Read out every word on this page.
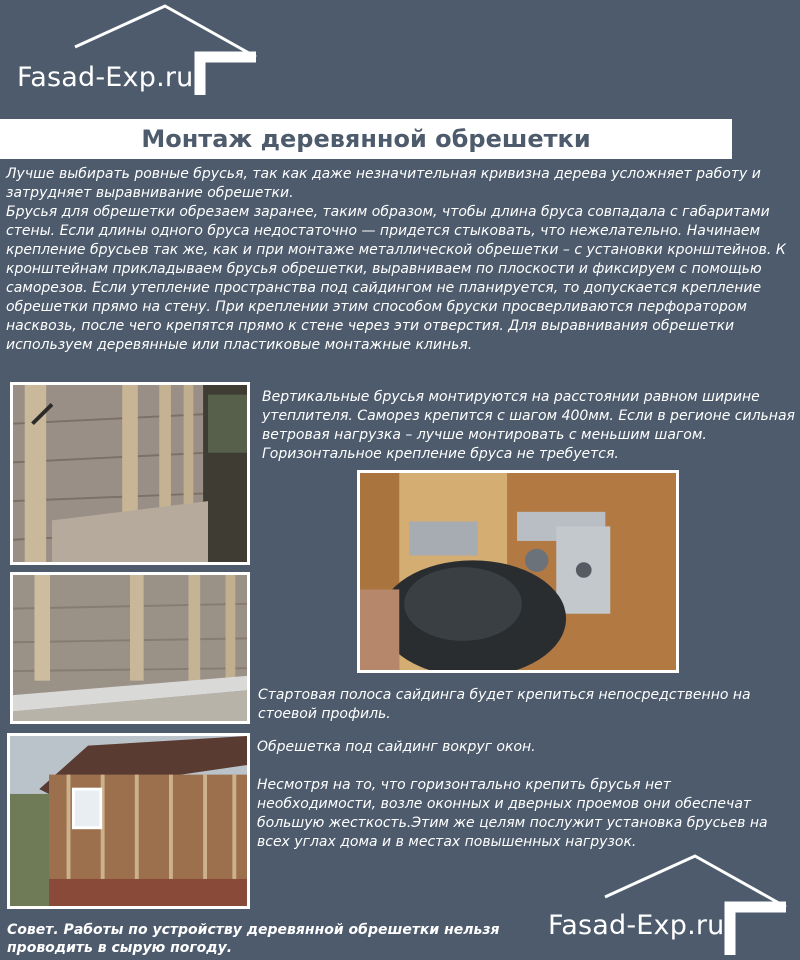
Fasad-Exp.ru
Монтаж деревянной обрешетки

Лучше выбирать ровные брусья, так как даже незначительная кривизна дерева усложняет работу и затрудняет выравнивание обрешетки.

Брусья для обрешетки обрезаем заранее, таким образом, чтобы длина бруса совпадала с габаритами стены. Если длины одного бруса недостаточно — придется стыковать, что нежелательно. Начинаем крепление брусьев так же, как и при монтаже металлической обрешетки – с установки кронштейнов. К кронштейнам прикладываем брусья обрешетки, выравниваем по плоскости и фиксируем с помощью саморезов. Если утепление пространства под сайдингом не планируется, то допускается крепление обрешетки прямо на стену. При креплении этим способом бруски просверливаются перфоратором насквозь, после чего крепятся прямо к стене через эти отверстия. Для выравнивания обрешетки используем деревянные или пластиковые монтажные клинья.

Вертикальные брусья монтируются на расстоянии равном ширине утеплителя. Саморез крепится с шагом 400мм. Если в регионе сильная ветровая нагрузка – лучше монтировать с меньшим шагом. Горизонтальное крепление бруса не требуется.
Стартовая полоса сайдинга будет крепиться непосредственно на стоевой профиль.
Обрешетка под сайдинг вокруг окон.
Несмотря на то, что горизонтально крепить брусья нет необходимости, возле оконных и дверных проемов они обеспечат большую жесткость.Этим же целям послужит установка брусьев на всех углах дома и в местах повышенных нагрузок.
Совет. Работы по устройству деревянной обрешетки нельзя проводить в сырую погоду.
Fasad-Exp.ru
